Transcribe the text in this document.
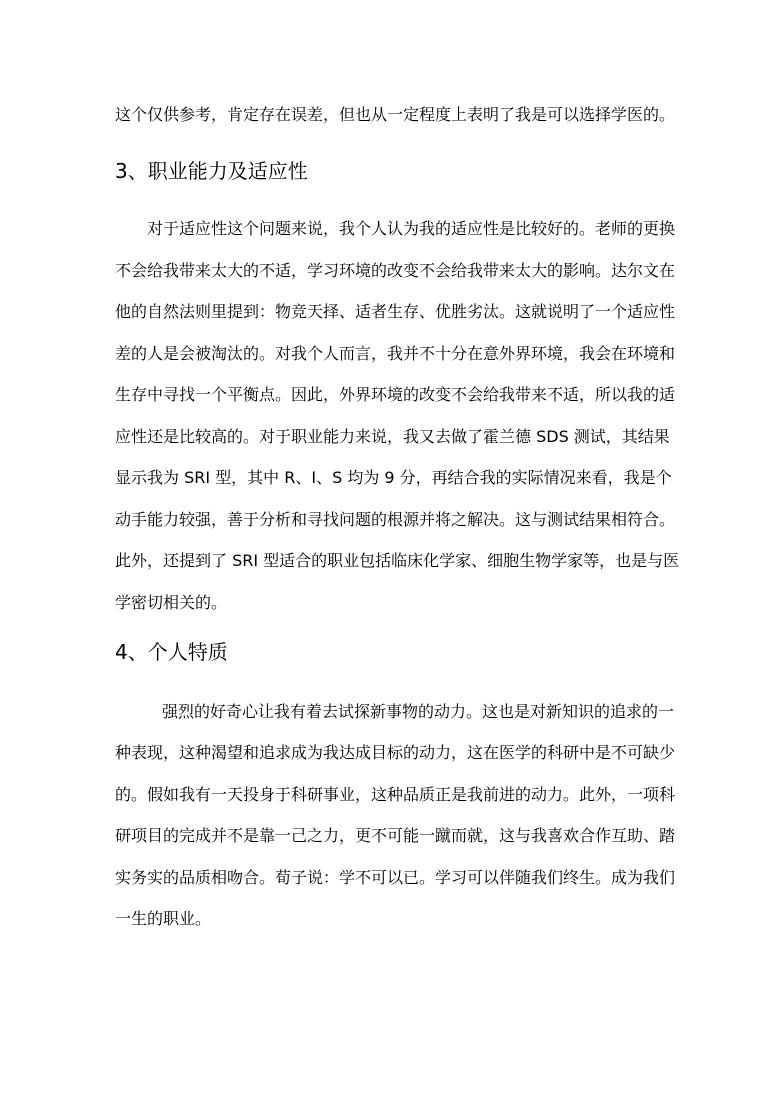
这个仅供参考，肯定存在误差，但也从一定程度上表明了我是可以选择学医的。
3、职业能力及适应性
对于适应性这个问题来说，我个人认为我的适应性是比较好的。老师的更换
不会给我带来太大的不适，学习环境的改变不会给我带来太大的影响。达尔文在
他的自然法则里提到：物竞天择、适者生存、优胜劣汰。这就说明了一个适应性
差的人是会被淘汰的。对我个人而言，我并不十分在意外界环境，我会在环境和
生存中寻找一个平衡点。因此，外界环境的改变不会给我带来不适，所以我的适
应性还是比较高的。对于职业能力来说，我又去做了霍兰德 SDS 测试，其结果
显示我为 SRI 型，其中 R、I、S 均为 9 分，再结合我的实际情况来看，我是个
动手能力较强，善于分析和寻找问题的根源并将之解决。这与测试结果相符合。
此外，还提到了 SRI 型适合的职业包括临床化学家、细胞生物学家等，也是与医
学密切相关的。
4、个人特质
强烈的好奇心让我有着去试探新事物的动力。这也是对新知识的追求的一
种表现，这种渴望和追求成为我达成目标的动力，这在医学的科研中是不可缺少
的。假如我有一天投身于科研事业，这种品质正是我前进的动力。此外，一项科
研项目的完成并不是靠一己之力，更不可能一蹴而就，这与我喜欢合作互助、踏
实务实的品质相吻合。荀子说：学不可以已。学习可以伴随我们终生。成为我们
一生的职业。
